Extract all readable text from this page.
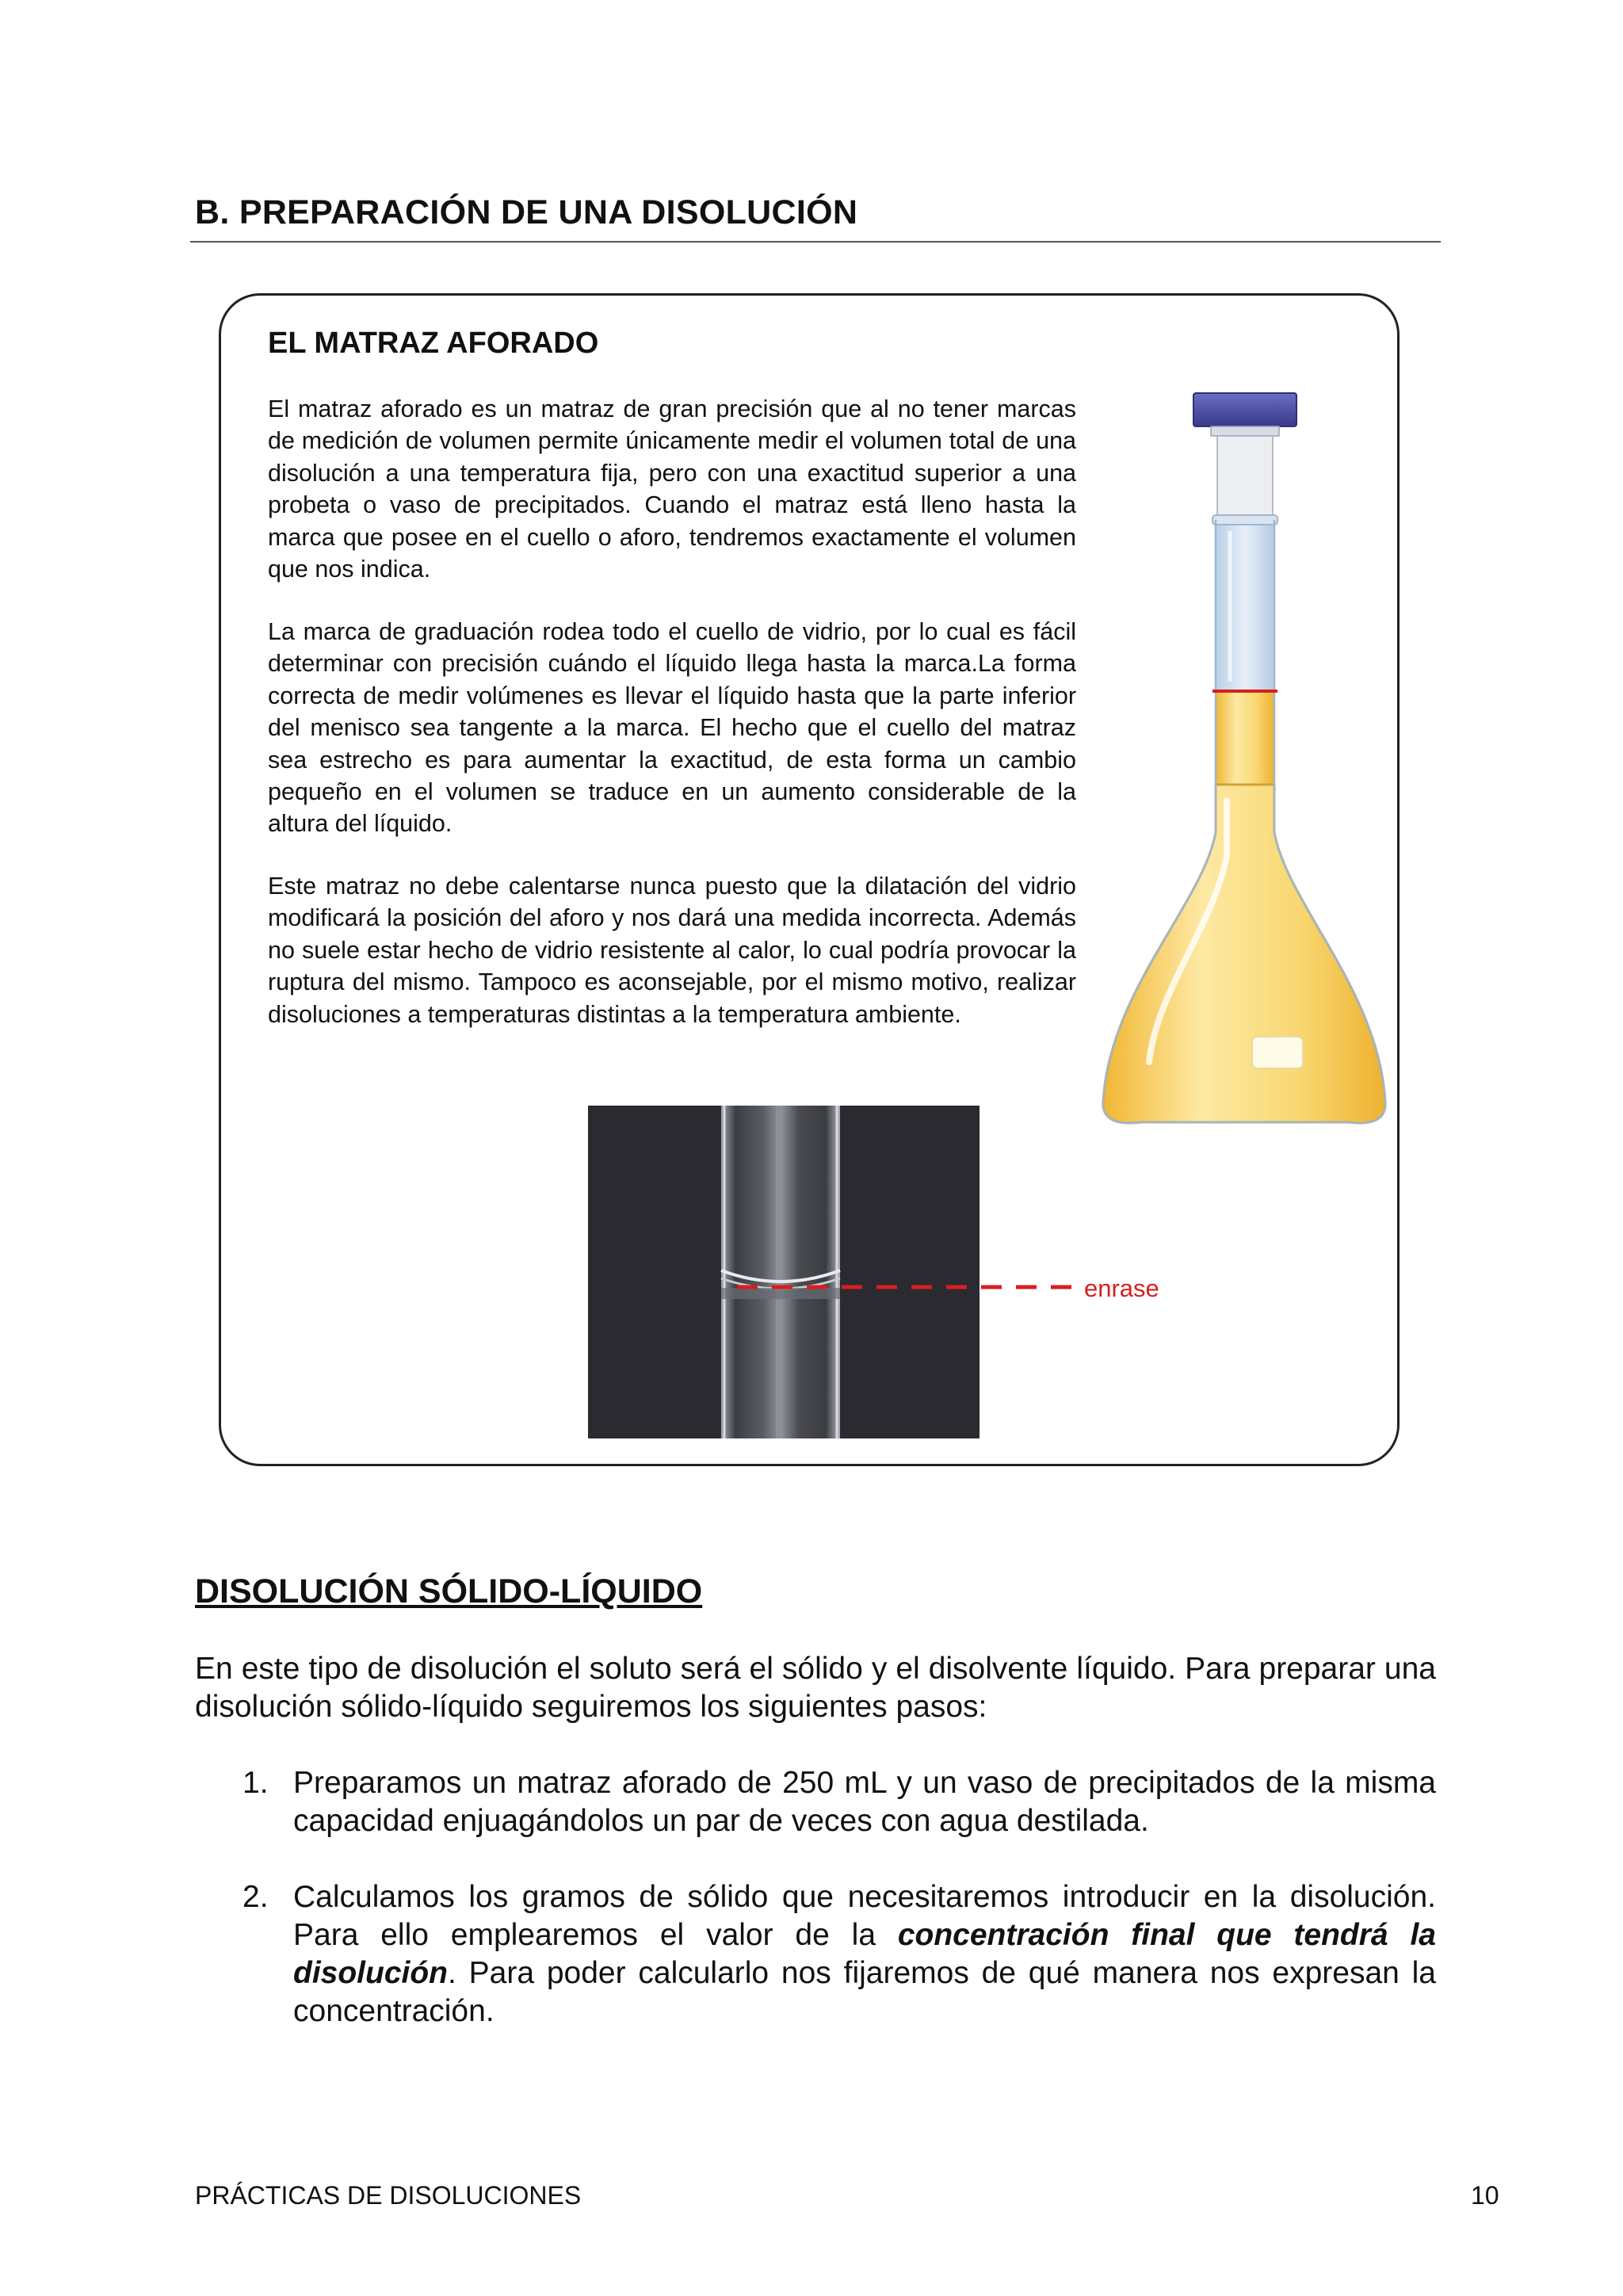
B. PREPARACIÓN DE UNA DISOLUCIÓN
EL MATRAZ AFORADO

El matraz aforado es un matraz de gran precisión que al no tener marcas de medición de volumen permite únicamente medir el volumen total de una disolución a una temperatura fija, pero con una exactitud superior a una probeta o vaso de precipitados. Cuando el matraz está lleno hasta la marca que posee en el cuello o aforo, tendremos exactamente el volumen que nos indica.

La marca de graduación rodea todo el cuello de vidrio, por lo cual es fácil determinar con precisión cuándo el líquido llega hasta la marca.La forma correcta de medir volúmenes es llevar el líquido hasta que la parte inferior del menisco sea tangente a la marca. El hecho que el cuello del matraz sea estrecho es para aumentar la exactitud, de esta forma un cambio pequeño en el volumen se traduce en un aumento considerable de la altura del líquido.

Este matraz no debe calentarse nunca puesto que la dilatación del vidrio modificará la posición del aforo y nos dará una medida incorrecta. Además no suele estar hecho de vidrio resistente al calor, lo cual podría provocar la ruptura del mismo. Tampoco es aconsejable, por el mismo motivo, realizar disoluciones a temperaturas distintas a la temperatura ambiente.

enrase
DISOLUCIÓN SÓLIDO-LÍQUIDO

En este tipo de disolución el soluto será el sólido y el disolvente líquido. Para preparar una disolución sólido-líquido seguiremos los siguientes pasos:

1. Preparamos un matraz aforado de 250 mL y un vaso de precipitados de la misma capacidad enjuagándolos un par de veces con agua destilada.
2. Calculamos los gramos de sólido que necesitaremos introducir en la disolución. Para ello emplearemos el valor de la concentración final que tendrá la disolución. Para poder calcularlo nos fijaremos de qué manera nos expresan la concentración.
PRÁCTICAS DE DISOLUCIONES	10
